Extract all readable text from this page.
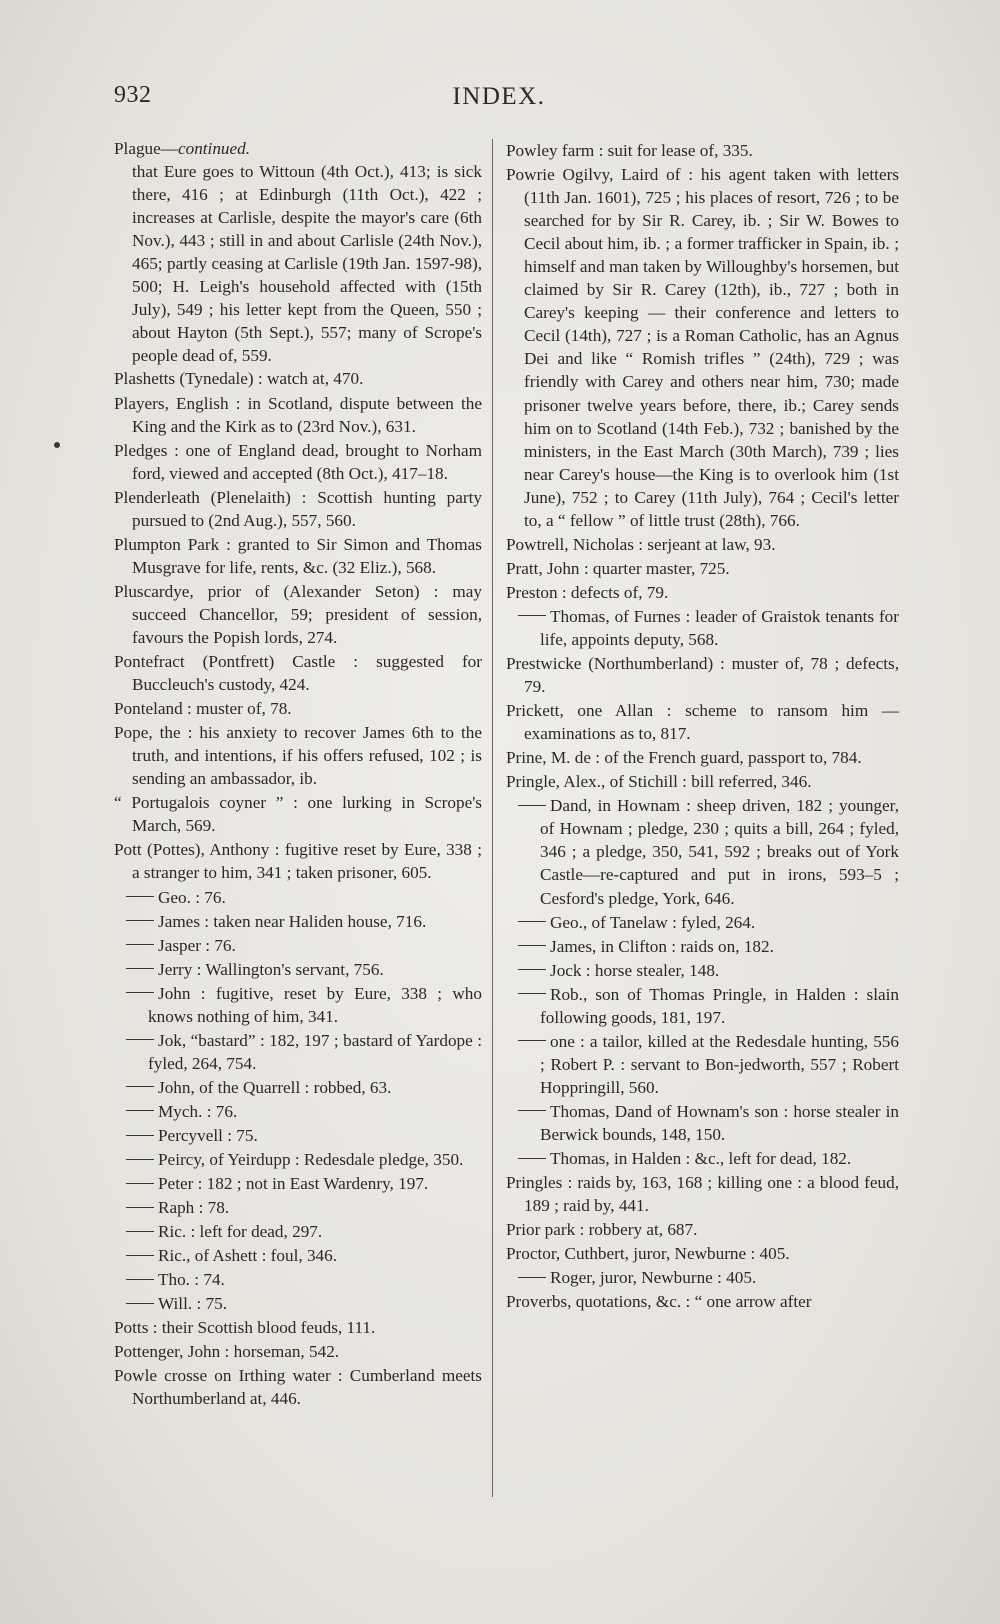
932	INDEX.
Plague—continued.
that Eure goes to Wittoun (4th Oct.), 413; is sick there, 416 ; at Edinburgh (11th Oct.), 422 ; increases at Carlisle, despite the mayor's care (6th Nov.), 443 ; still in and about Carlisle (24th Nov.), 465; partly ceasing at Carlisle (19th Jan. 1597-98), 500; H. Leigh's household affected with (15th July), 549 ; his letter kept from the Queen, 550 ; about Hayton (5th Sept.), 557; many of Scrope's people dead of, 559.
Plashetts (Tynedale) : watch at, 470.
Players, English : in Scotland, dispute between the King and the Kirk as to (23rd Nov.), 631.
Pledges : one of England dead, brought to Norham ford, viewed and accepted (8th Oct.), 417–18.
Plenderleath (Plenelaith) : Scottish hunting party pursued to (2nd Aug.), 557, 560.
Plumpton Park : granted to Sir Simon and Thomas Musgrave for life, rents, &c. (32 Eliz.), 568.
Pluscardye, prior of (Alexander Seton) : may succeed Chancellor, 59; president of session, favours the Popish lords, 274.
Pontefract (Pontfrett) Castle : suggested for Buccleuch's custody, 424.
Ponteland : muster of, 78.
Pope, the : his anxiety to recover James 6th to the truth, and intentions, if his offers refused, 102 ; is sending an ambassador, ib.
“ Portugalois coyner ” : one lurking in Scrope's March, 569.
Pott (Pottes), Anthony : fugitive reset by Eure, 338 ; a stranger to him, 341 ; taken prisoner, 605.
Geo. : 76.
James : taken near Haliden house, 716.
Jasper : 76.
Jerry : Wallington's servant, 756.
John : fugitive, reset by Eure, 338 ; who knows nothing of him, 341.
Jok, “bastard” : 182, 197 ; bastard of Yardope : fyled, 264, 754.
John, of the Quarrell : robbed, 63.
Mych. : 76.
Percyvell : 75.
Peircy, of Yeirdupp : Redesdale pledge, 350.
Peter : 182 ; not in East Wardenry, 197.
Raph : 78.
Ric. : left for dead, 297.
Ric., of Ashett : foul, 346.
Tho. : 74.
Will. : 75.
Potts : their Scottish blood feuds, 111.
Pottenger, John : horseman, 542.
Powle crosse on Irthing water : Cumberland meets Northumberland at, 446.
Powley farm : suit for lease of, 335.
Powrie Ogilvy, Laird of : his agent taken with letters (11th Jan. 1601), 725 ; his places of resort, 726 ; to be searched for by Sir R. Carey, ib. ; Sir W. Bowes to Cecil about him, ib. ; a former trafficker in Spain, ib. ; himself and man taken by Willoughby's horsemen, but claimed by Sir R. Carey (12th), ib., 727 ; both in Carey's keeping — their conference and letters to Cecil (14th), 727 ; is a Roman Catholic, has an Agnus Dei and like “ Romish trifles ” (24th), 729 ; was friendly with Carey and others near him, 730; made prisoner twelve years before, there, ib.; Carey sends him on to Scotland (14th Feb.), 732 ; banished by the ministers, in the East March (30th March), 739 ; lies near Carey's house—the King is to overlook him (1st June), 752 ; to Carey (11th July), 764 ; Cecil's letter to, a “ fellow ” of little trust (28th), 766.
Powtrell, Nicholas : serjeant at law, 93.
Pratt, John : quarter master, 725.
Preston : defects of, 79.
Thomas, of Furnes : leader of Graistok tenants for life, appoints deputy, 568.
Prestwicke (Northumberland) : muster of, 78 ; defects, 79.
Prickett, one Allan : scheme to ransom him —examinations as to, 817.
Prine, M. de : of the French guard, passport to, 784.
Pringle, Alex., of Stichill : bill referred, 346.
Dand, in Hownam : sheep driven, 182 ; younger, of Hownam ; pledge, 230 ; quits a bill, 264 ; fyled, 346 ; a pledge, 350, 541, 592 ; breaks out of York Castle—re-captured and put in irons, 593–5 ; Cesford's pledge, York, 646.
Geo., of Tanelaw : fyled, 264.
James, in Clifton : raids on, 182.
Jock : horse stealer, 148.
Rob., son of Thomas Pringle, in Halden : slain following goods, 181, 197.
one : a tailor, killed at the Redesdale hunting, 556 ; Robert P. : servant to Bon-jedworth, 557 ; Robert Hoppringill, 560.
Thomas, Dand of Hownam's son : horse stealer in Berwick bounds, 148, 150.
Thomas, in Halden : &c., left for dead, 182.
Pringles : raids by, 163, 168 ; killing one : a blood feud, 189 ; raid by, 441.
Prior park : robbery at, 687.
Proctor, Cuthbert, juror, Newburne : 405.
Roger, juror, Newburne : 405.
Proverbs, quotations, &c. : “ one arrow after
